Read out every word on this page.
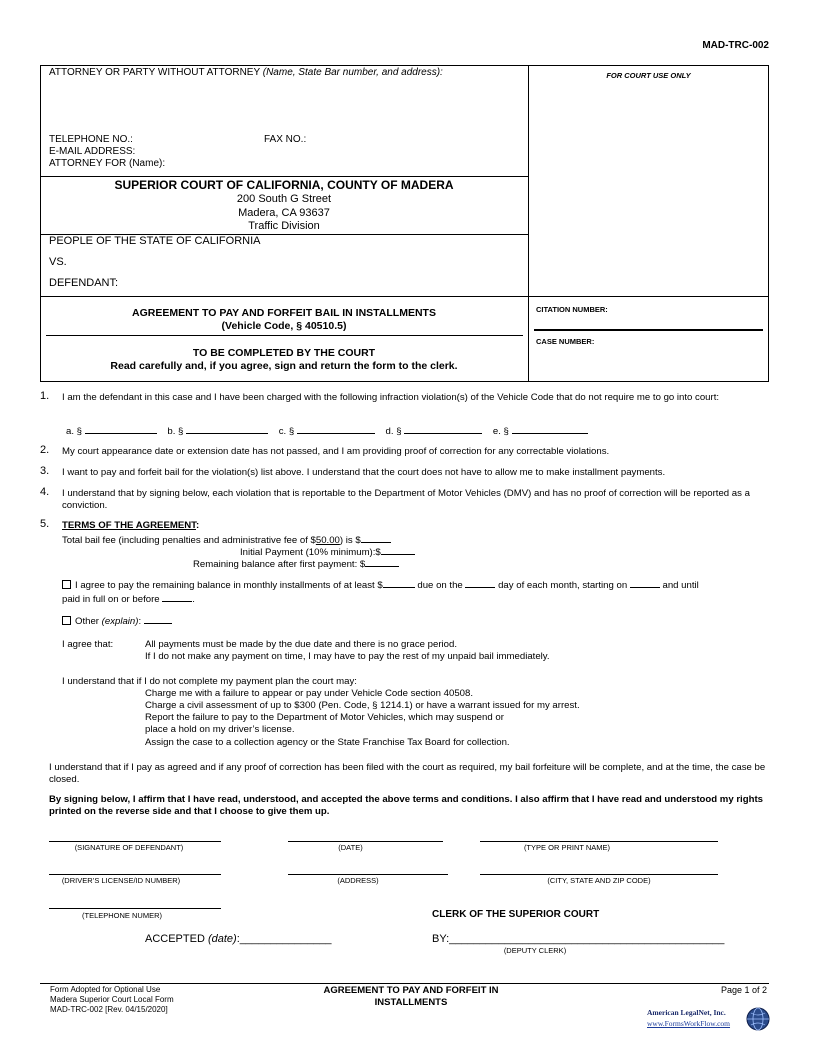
MAD-TRC-002
ATTORNEY OR PARTY WITHOUT ATTORNEY (Name, State Bar number, and address):
TELEPHONE NO.:	FAX NO.:
E-MAIL ADDRESS:
ATTORNEY FOR (Name):
FOR COURT USE ONLY
SUPERIOR COURT OF CALIFORNIA, COUNTY OF MADERA
200 South G Street
Madera, CA 93637
Traffic Division
PEOPLE OF THE STATE OF CALIFORNIA
VS.
DEFENDANT:
AGREEMENT TO PAY AND FORFEIT BAIL IN INSTALLMENTS
(Vehicle Code, § 40510.5)
TO BE COMPLETED BY THE COURT
Read carefully and, if you agree, sign and return the form to the clerk.
CITATION NUMBER:
CASE NUMBER:
1. I am the defendant in this case and I have been charged with the following infraction violation(s) of the Vehicle Code that do not require me to go into court:
a. §	b. §	c. §	d. §	e. §
2. My court appearance date or extension date has not passed, and I am providing proof of correction for any correctable violations.
3. I want to pay and forfeit bail for the violation(s) list above. I understand that the court does not have to allow me to make installment payments.
4. I understand that by signing below, each violation that is reportable to the Department of Motor Vehicles (DMV) and has no proof of correction will be reported as a conviction.
5. TERMS OF THE AGREEMENT:
Total bail fee (including penalties and administrative fee of $50.00) is $
Initial Payment (10% minimum):$
Remaining balance after first payment: $
I agree to pay the remaining balance in monthly installments of at least $	due on the	day of each month, starting on	and until
paid in full on or before	.
Other (explain):
I agree that:	All payments must be made by the due date and there is no grace period.
If I do not make any payment on time, I may have to pay the rest of my unpaid bail immediately.
I understand that if I do not complete my payment plan the court may:
Charge me with a failure to appear or pay under Vehicle Code section 40508.
Charge a civil assessment of up to $300 (Pen. Code, § 1214.1) or have a warrant issued for my arrest.
Report the failure to pay to the Department of Motor Vehicles, which may suspend or
place a hold on my driver’s license.
Assign the case to a collection agency or the State Franchise Tax Board for collection.
I understand that if I pay as agreed and if any proof of correction has been filed with the court as required, my bail forfeiture will be complete, and at the time, the case be closed.
By signing below, I affirm that I have read, understood, and accepted the above terms and conditions. I also affirm that I have read and understood my rights printed on the reverse side and that I choose to give them up.
(SIGNATURE OF DEFENDANT)	(DATE)	(TYPE OR PRINT NAME)
(DRIVER’S LICENSE/ID NUMBER)	(ADDRESS)	(CITY, STATE AND ZIP CODE)
(TELEPHONE NUMER)	CLERK OF THE SUPERIOR COURT
ACCEPTED (date):_______________	BY:_____________________________________________
(DEPUTY CLERK)
Form Adopted for Optional Use
Madera Superior Court Local Form
MAD-TRC-002 [Rev. 04/15/2020]
AGREEMENT TO PAY AND FORFEIT IN
INSTALLMENTS
Page 1 of 2
American LegalNet, Inc.
www.FormsWorkFlow.com
